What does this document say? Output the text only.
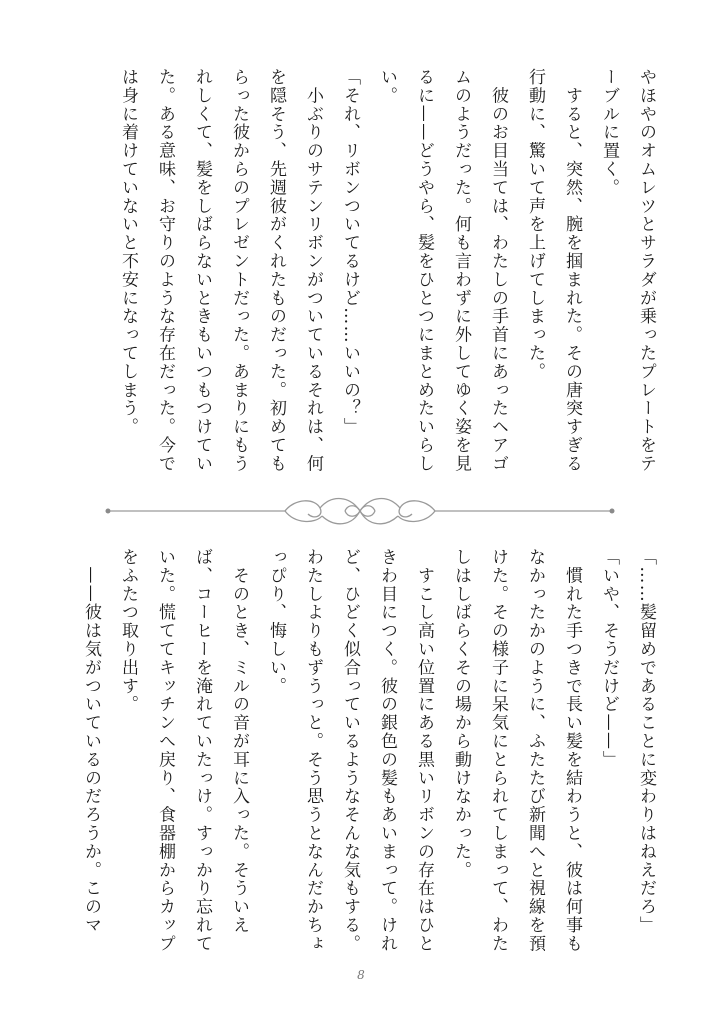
やほやのオムレツとサラダが乗ったプレートをテーブルに置く。

　すると、突然、腕を掴まれた。その唐突すぎる行動に、驚いて声を上げてしまった。

　彼のお目当ては、わたしの手首にあったヘアゴムのようだった。何も言わずに外してゆく姿を見るに——どうやら、髪をひとつにまとめたいらしい。

「それ、リボンついてるけど……いいの？」

　小ぶりのサテンリボンがついているそれは、何を隠そう、先週彼がくれたものだった。初めてもらった彼からのプレゼントだった。あまりにもうれしくて、髪をしばらないときもいつもつけていた。ある意味、お守りのような存在だった。今では身に着けていないと不安になってしまう。

「……髪留めであることに変わりはねえだろ」

「いや、そうだけど——」

　慣れた手つきで長い髪を結わうと、彼は何事もなかったかのように、ふたたび新聞へと視線を預けた。その様子に呆気にとられてしまって、わたしはしばらくその場から動けなかった。

　すこし高い位置にある黒いリボンの存在はひときわ目につく。彼の銀色の髪もあいまって。けれど、ひどく似合っているようなそんな気もする。わたしよりもずうっと。そう思うとなんだかちょっぴり、悔しい。

　そのとき、ミルの音が耳に入った。そういえば、コーヒーを淹れていたっけ。すっかり忘れていた。慌ててキッチンへ戻り、食器棚からカップをふたつ取り出す。

　——彼は気がついているのだろうか。このマ

8
